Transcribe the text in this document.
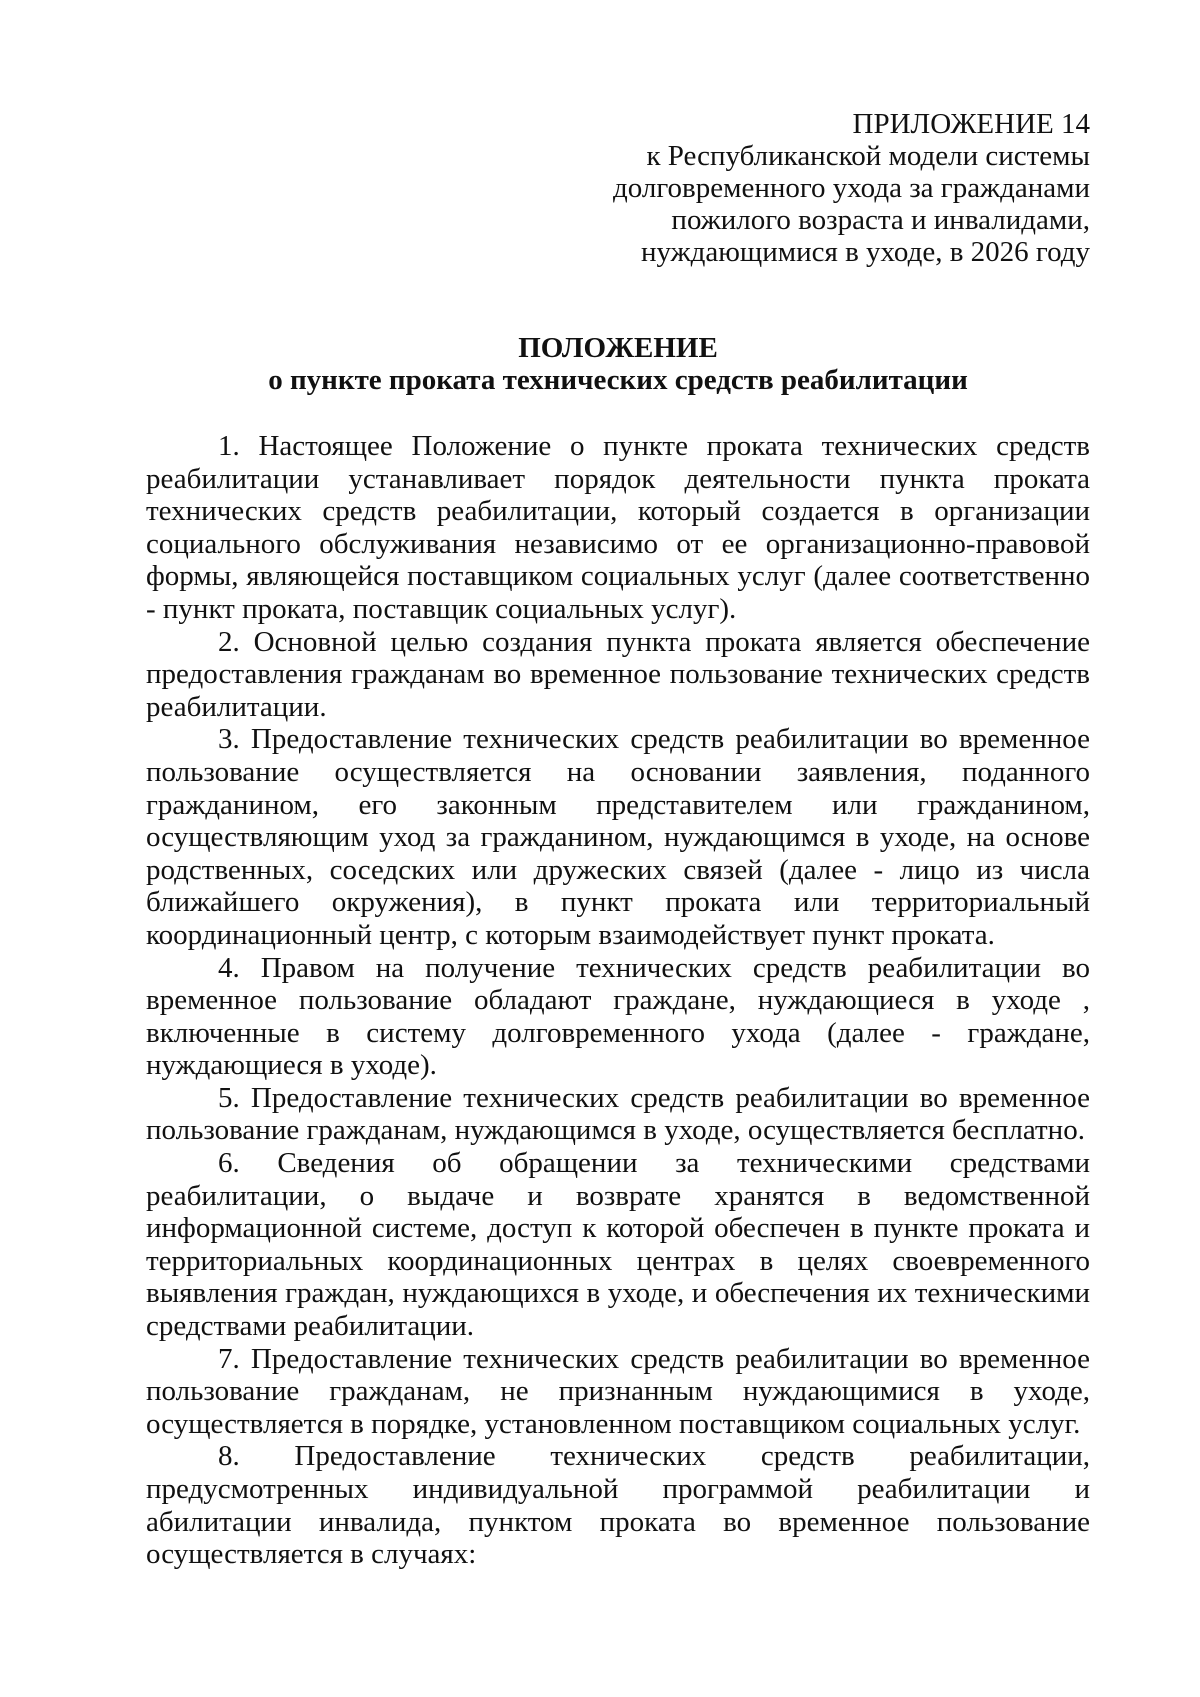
ПРИЛОЖЕНИЕ 14
к Республиканской модели системы
долговременного ухода за гражданами
пожилого возраста и инвалидами,
нуждающимися в уходе, в 2026 году
ПОЛОЖЕНИЕ
о пункте проката технических средств реабилитации

1. Настоящее Положение о пункте проката технических средств реабилитации устанавливает порядок деятельности пункта проката технических средств реабилитации, который создается в организации социального обслуживания независимо от ее организационно-правовой формы, являющейся поставщиком социальных услуг (далее соответственно - пункт проката, поставщик социальных услуг).

2. Основной целью создания пункта проката является обеспечение предоставления гражданам во временное пользование технических средств реабилитации.

3. Предоставление технических средств реабилитации во временное пользование осуществляется на основании заявления, поданного гражданином, его законным представителем или гражданином, осуществляющим уход за гражданином, нуждающимся в уходе, на основе родственных, соседских или дружеских связей (далее - лицо из числа ближайшего окружения), в пункт проката или территориальный координационный центр, с которым взаимодействует пункт проката.

4. Правом на получение технических средств реабилитации во временное пользование обладают граждане, нуждающиеся в уходе , включенные в систему долговременного ухода (далее - граждане, нуждающиеся в уходе).

5. Предоставление технических средств реабилитации во временное пользование гражданам, нуждающимся в уходе, осуществляется бесплатно.

6. Сведения об обращении за техническими средствами реабилитации, о выдаче и возврате хранятся в ведомственной информационной системе, доступ к которой обеспечен в пункте проката и территориальных координационных центрах в целях своевременного выявления граждан, нуждающихся в уходе, и обеспечения их техническими средствами реабилитации.

7. Предоставление технических средств реабилитации во временное пользование гражданам, не признанным нуждающимися в уходе, осуществляется в порядке, установленном поставщиком социальных услуг.

8. Предоставление технических средств реабилитации, предусмотренных индивидуальной программой реабилитации и абилитации инвалида, пунктом проката во временное пользование осуществляется в случаях:
